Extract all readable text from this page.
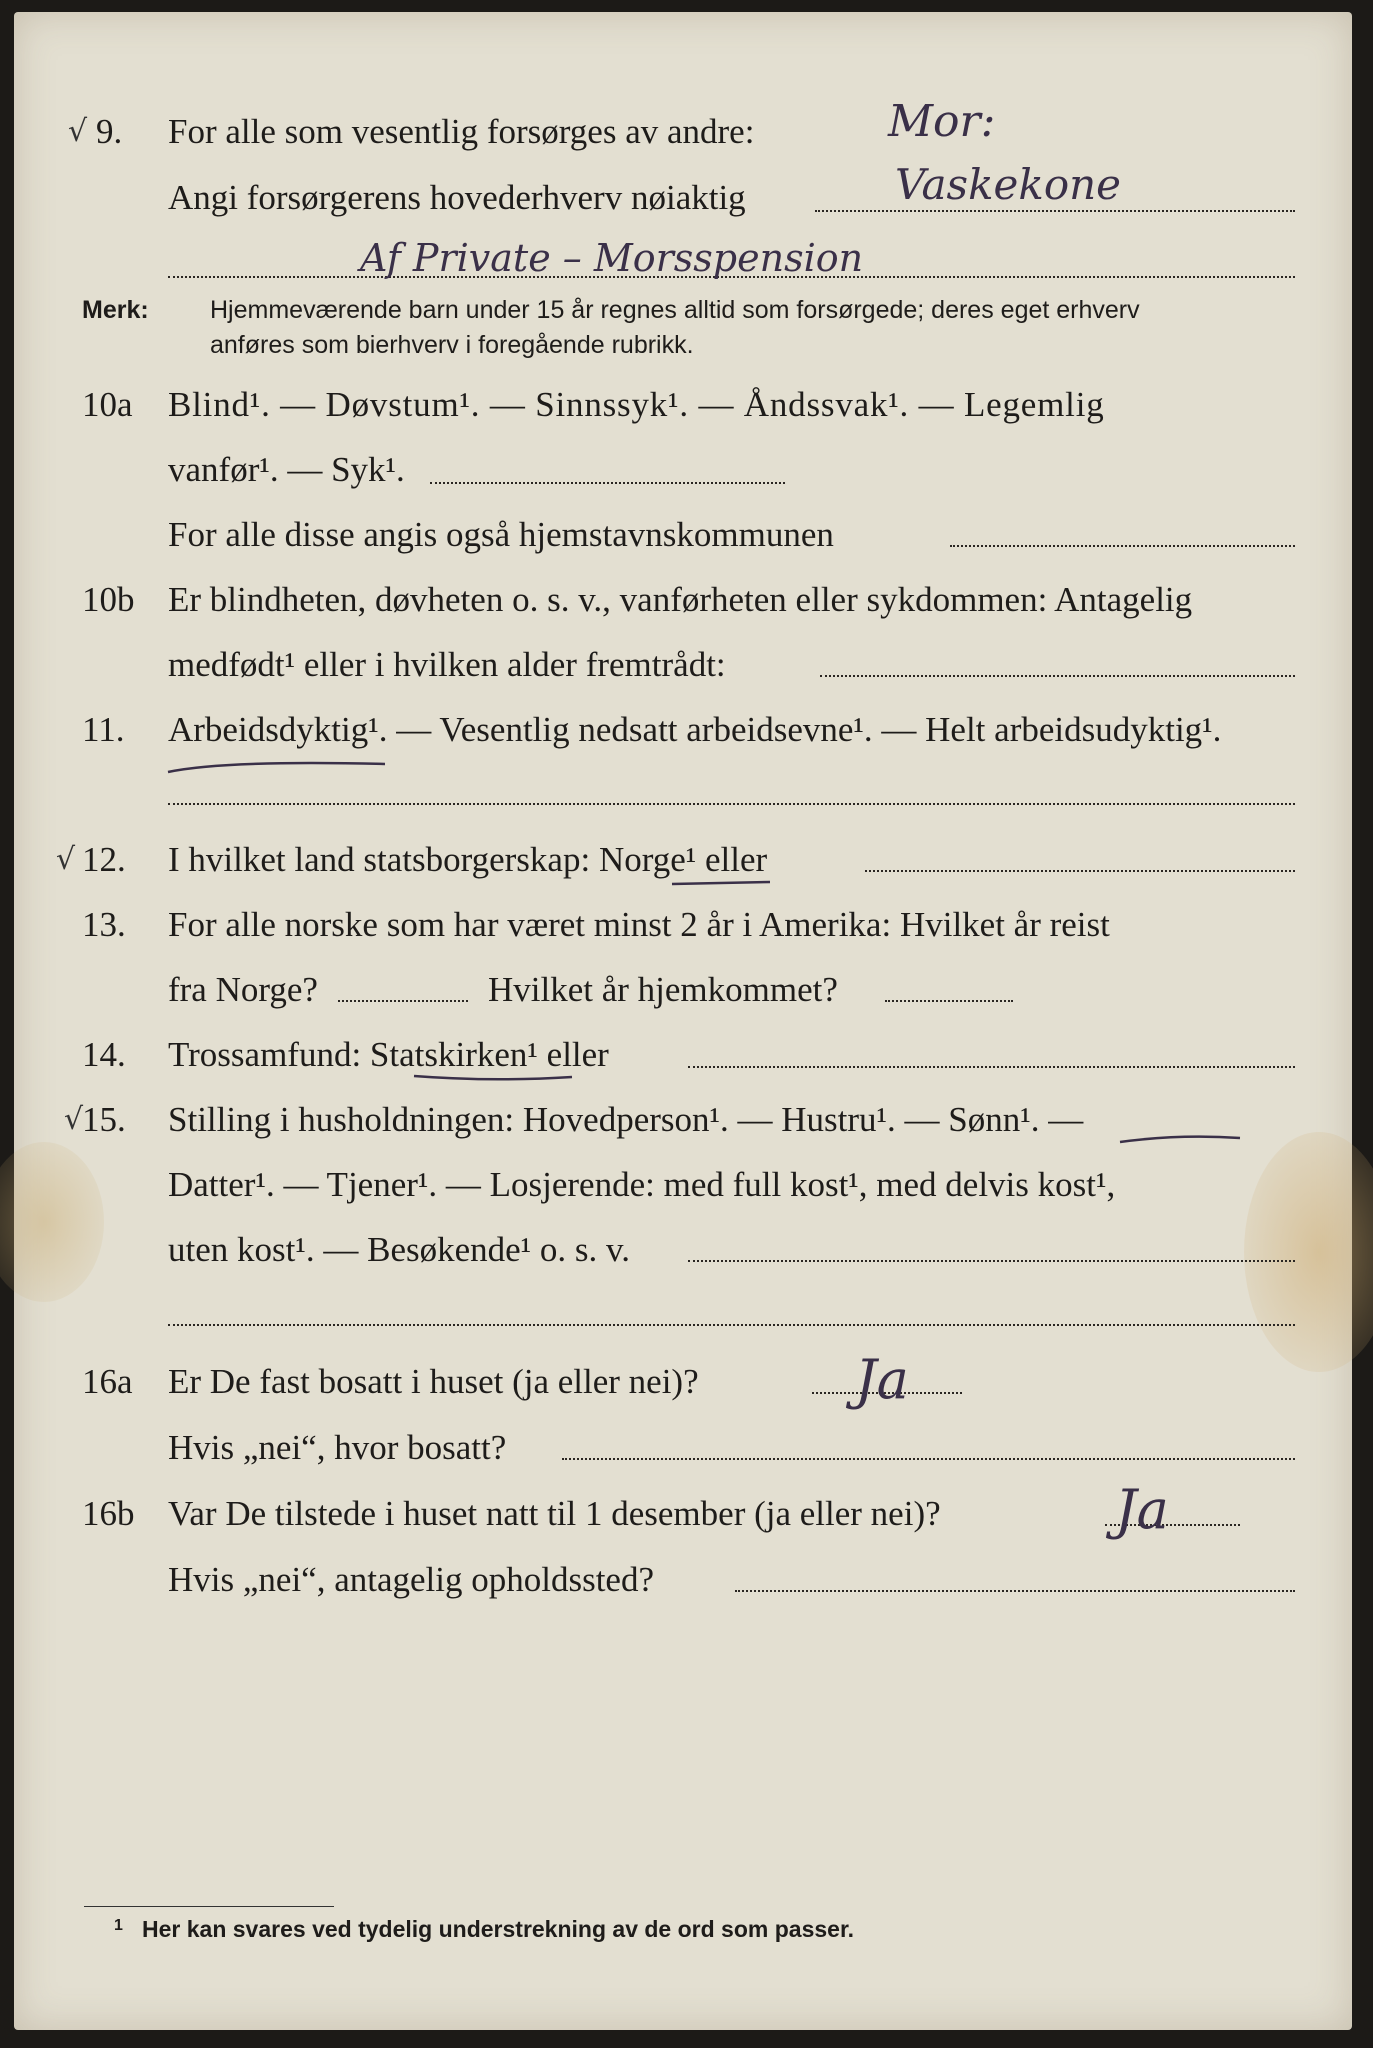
√ 9. For alle som vesentlig forsørges av andre:	Mor:
Angi forsørgerens hovederhverv nøiaktig	Vaskekone
Af Private – Morsspension
Merk: Hjemmeværende barn under 15 år regnes alltid som forsørgede; deres eget erhverv
anføres som bierhverv i foregående rubrikk.
10a Blind¹. — Døvstum¹. — Sinnssyk¹. — Åndssvak¹. — Legemlig
vanfør¹. — Syk¹.
For alle disse angis også hjemstavnskommunen
10b Er blindheten, døvheten o. s. v., vanførheten eller sykdommen: Antagelig
medfødt¹ eller i hvilken alder fremtrådt:
11. Arbeidsdyktig¹. — Vesentlig nedsatt arbeidsevne¹. — Helt arbeidsudyktig¹.
√ 12. I hvilket land statsborgerskap: Norge¹ eller
13. For alle norske som har været minst 2 år i Amerika: Hvilket år reist
fra Norge?	Hvilket år hjemkommet?
14. Trossamfund: Statskirken¹ eller
√
15. Stilling i husholdningen: Hovedperson¹. — Hustru¹. — Sønn¹. —
Datter¹. — Tjener¹. — Losjerende: med full kost¹, med delvis kost¹,
uten kost¹. — Besøkende¹ o. s. v.
16a Er De fast bosatt i huset (ja eller nei)?	Ja
Hvis „nei“, hvor bosatt?
16b Var De tilstede i huset natt til 1 desember (ja eller nei)?	Ja
Hvis „nei“, antagelig opholdssted?
1 Her kan svares ved tydelig understrekning av de ord som passer.
